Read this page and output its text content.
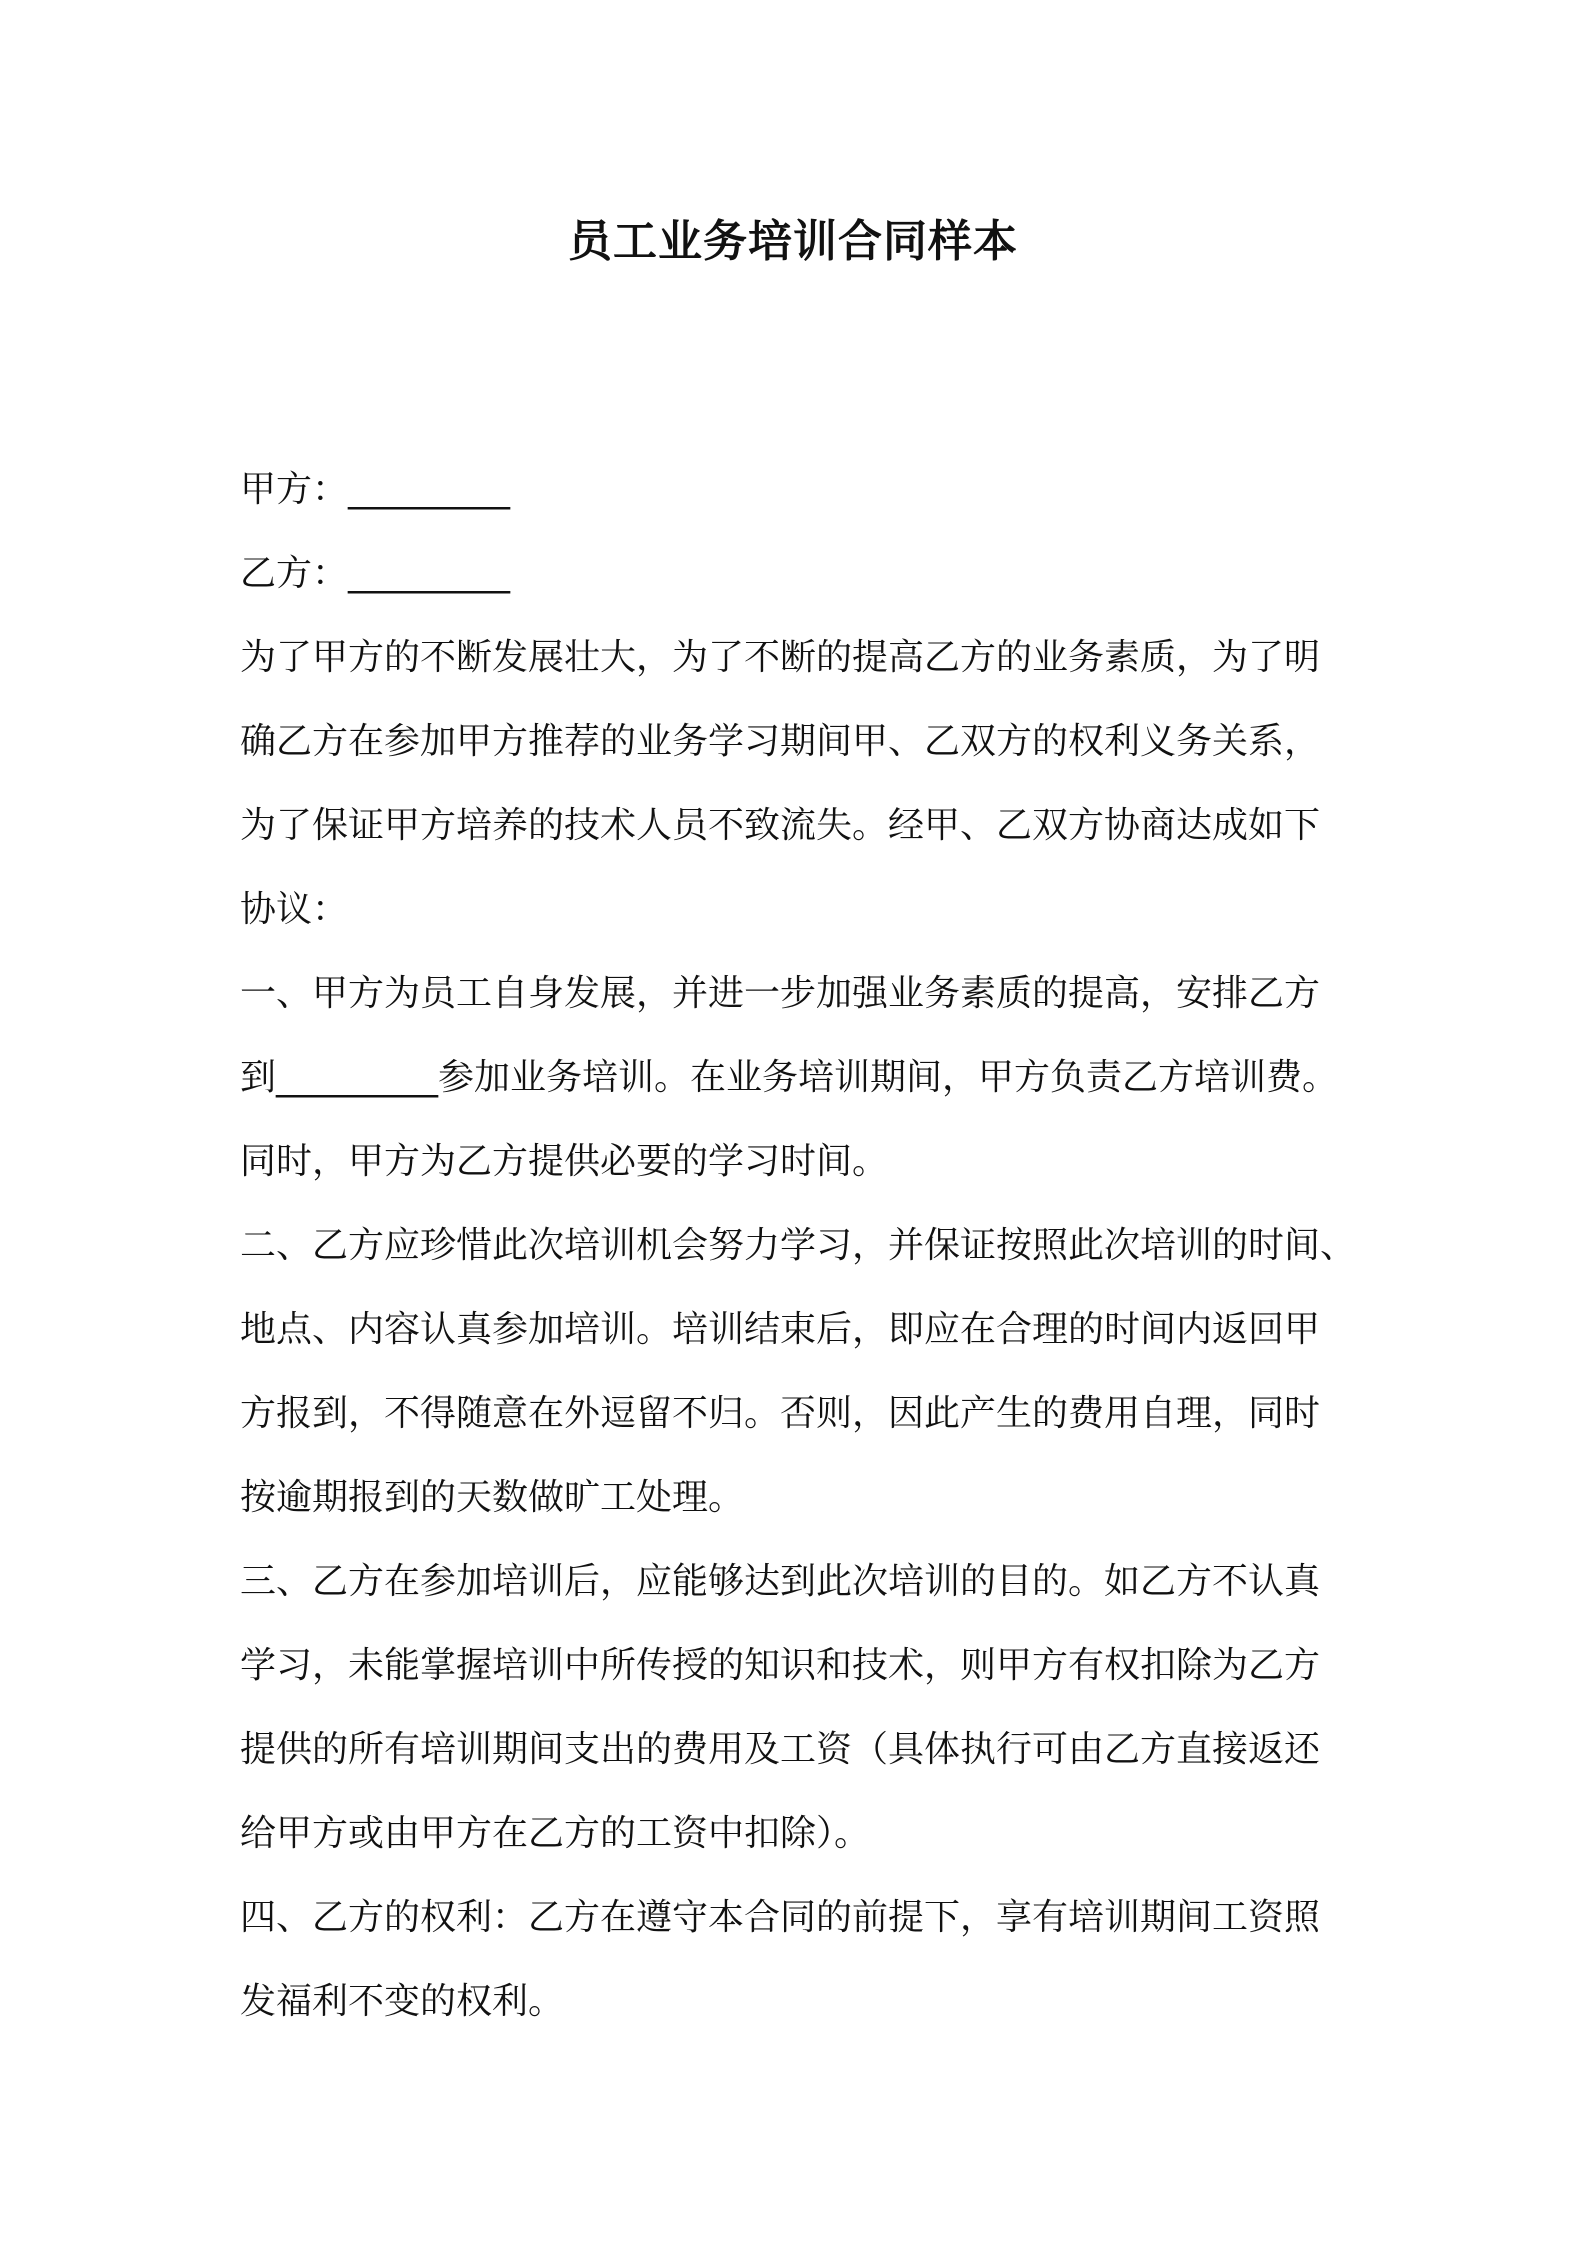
员工业务培训合同样本
甲方：_________
乙方：_________
为了甲方的不断发展壮大，为了不断的提高乙方的业务素质，为了明
确乙方在参加甲方推荐的业务学习期间甲、乙双方的权利义务关系，
为了保证甲方培养的技术人员不致流失。经甲、乙双方协商达成如下
协议：
一、甲方为员工自身发展，并进一步加强业务素质的提高，安排乙方
到_________参加业务培训。在业务培训期间，甲方负责乙方培训费。
同时，甲方为乙方提供必要的学习时间。
二、乙方应珍惜此次培训机会努力学习，并保证按照此次培训的时间、
地点、内容认真参加培训。培训结束后，即应在合理的时间内返回甲
方报到，不得随意在外逗留不归。否则，因此产生的费用自理，同时
按逾期报到的天数做旷工处理。
三、乙方在参加培训后，应能够达到此次培训的目的。如乙方不认真
学习，未能掌握培训中所传授的知识和技术，则甲方有权扣除为乙方
提供的所有培训期间支出的费用及工资（具体执行可由乙方直接返还
给甲方或由甲方在乙方的工资中扣除）。
四、乙方的权利：乙方在遵守本合同的前提下，享有培训期间工资照
发福利不变的权利。
